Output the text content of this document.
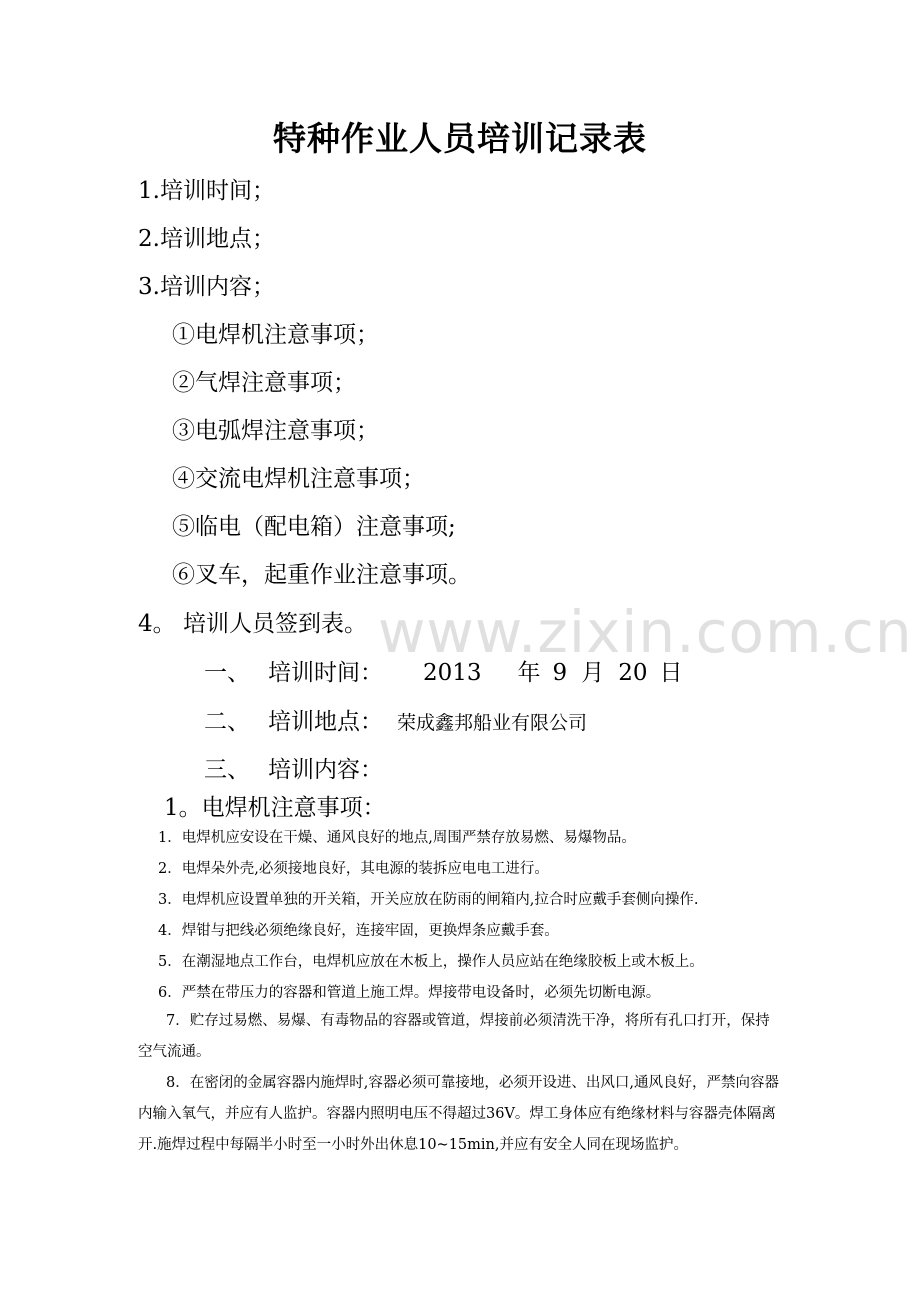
特种作业人员培训记录表
1.培训时间；
2.培训地点；
3.培训内容；
①电焊机注意事项；
②气焊注意事项；
③电弧焊注意事项；
④交流电焊机注意事项；
⑤临电（配电箱）注意事项;
⑥叉车，起重作业注意事项。
4。 培训人员签到表。 www.zixin.com.cn
一、 培训时间： 2013 年 9 月 20 日
二、 培训地点： 荣成鑫邦船业有限公司
三、 培训内容：
1。电焊机注意事项：
1．电焊机应安设在干燥、通风良好的地点,周围严禁存放易燃、易爆物品。
2．电焊朵外壳,必须接地良好，其电源的装拆应电电工进行。
3．电焊机应设置单独的开关箱，开关应放在防雨的闸箱内,拉合时应戴手套侧向操作.
4．焊钳与把线必须绝缘良好，连接牢固，更换焊条应戴手套。
5．在潮湿地点工作台，电焊机应放在木板上，操作人员应站在绝缘胶板上或木板上。
6．严禁在带压力的容器和管道上施工焊。焊接带电设备时，必须先切断电源。
7．贮存过易燃、易爆、有毒物品的容器或管道，焊接前必须清洗干净，将所有孔口打开，保持空气流通。
8．在密闭的金属容器内施焊时,容器必须可靠接地，必须开设进、出风口,通风良好，严禁向容器内输入氧气，并应有人监护。容器内照明电压不得超过36V。焊工身体应有绝缘材料与容器壳体隔离开.施焊过程中每隔半小时至一小时外出休息10~15min,并应有安全人同在现场监护。
